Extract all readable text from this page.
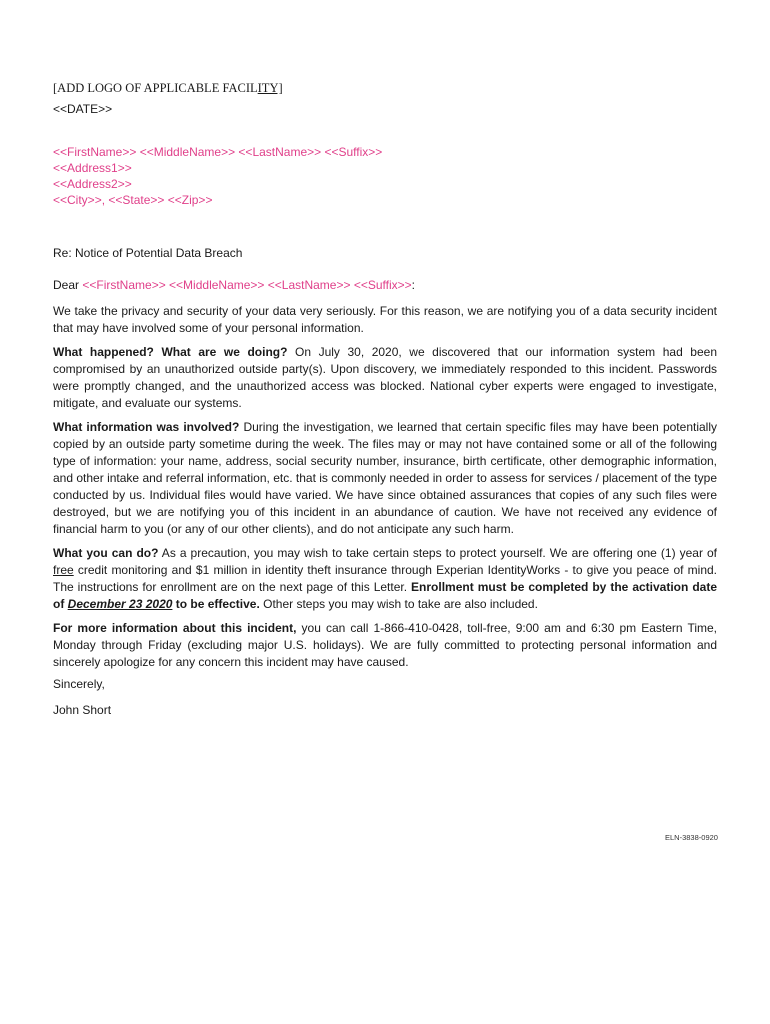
[ADD LOGO OF APPLICABLE FACILITY]
<<DATE>>
<<FirstName>> <<MiddleName>> <<LastName>> <<Suffix>>
<<Address1>>
<<Address2>>
<<City>>, <<State>> <<Zip>>
Re: Notice of Potential Data Breach
Dear <<FirstName>> <<MiddleName>> <<LastName>> <<Suffix>>:

We take the privacy and security of your data very seriously. For this reason, we are notifying you of a data security incident that may have involved some of your personal information.

What happened? What are we doing? On July 30, 2020, we discovered that our information system had been compromised by an unauthorized outside party(s). Upon discovery, we immediately responded to this incident. Passwords were promptly changed, and the unauthorized access was blocked. National cyber experts were engaged to investigate, mitigate, and evaluate our systems.

What information was involved? During the investigation, we learned that certain specific files may have been potentially copied by an outside party sometime during the week. The files may or may not have contained some or all of the following type of information: your name, address, social security number, insurance, birth certificate, other demographic information, and other intake and referral information, etc. that is commonly needed in order to assess for services / placement of the type conducted by us. Individual files would have varied. We have since obtained assurances that copies of any such files were destroyed, but we are notifying you of this incident in an abundance of caution. We have not received any evidence of financial harm to you (or any of our other clients), and do not anticipate any such harm.

What you can do? As a precaution, you may wish to take certain steps to protect yourself. We are offering one (1) year of free credit monitoring and $1 million in identity theft insurance through Experian IdentityWorks - to give you peace of mind. The instructions for enrollment are on the next page of this Letter. Enrollment must be completed by the activation date of December 23 2020 to be effective. Other steps you may wish to take are also included.

For more information about this incident, you can call 1-866-410-0428, toll-free, 9:00 am and 6:30 pm Eastern Time, Monday through Friday (excluding major U.S. holidays). We are fully committed to protecting personal information and sincerely apologize for any concern this incident may have caused.

Sincerely,
John Short
ELN-3838-0920
